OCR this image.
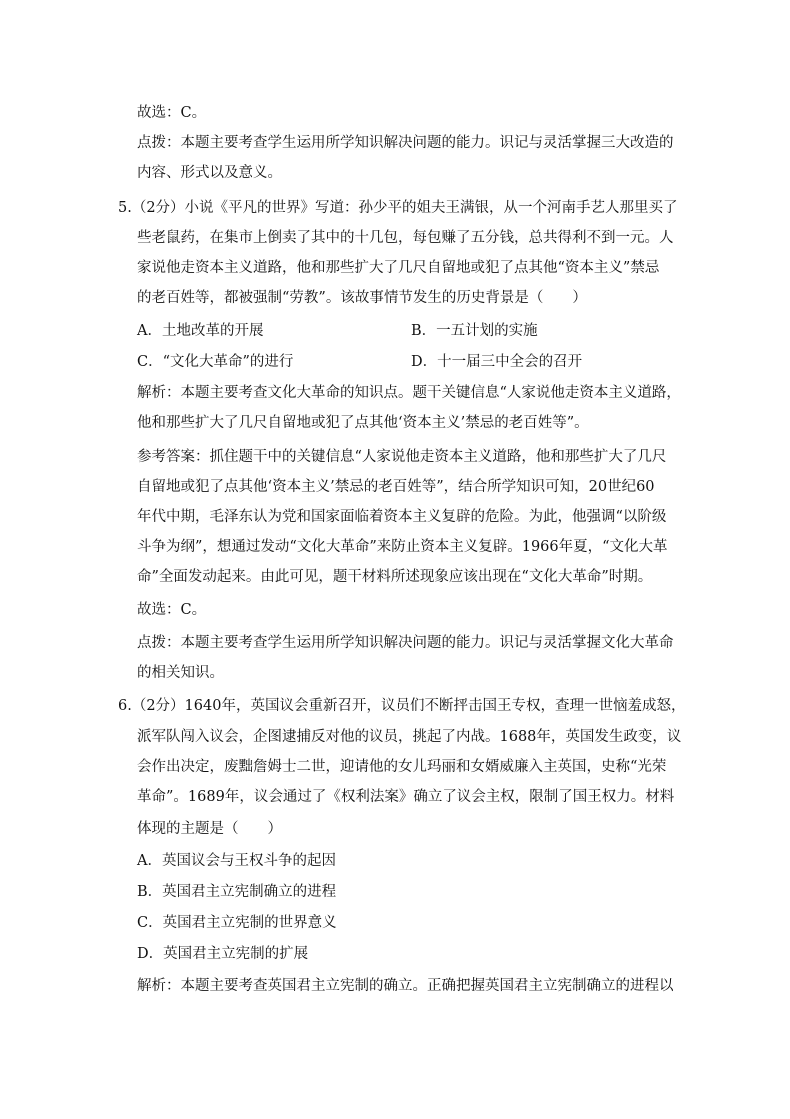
故选：C。
点拨：本题主要考查学生运用所学知识解决问题的能力。识记与灵活掌握三大改造的
内容、形式以及意义。
5.（2分）小说《平凡的世界》写道：孙少平的姐夫王满银，从一个河南手艺人那里买了
些老鼠药，在集市上倒卖了其中的十几包，每包赚了五分钱，总共得利不到一元。人
家说他走资本主义道路，他和那些扩大了几尺自留地或犯了点其他“资本主义”禁忌
的老百姓等，都被强制“劳教”。该故事情节发生的历史背景是（　　）
A．土地改革的开展	B．一五计划的实施
C．“文化大革命”的进行	D．十一届三中全会的召开
解析：本题主要考查文化大革命的知识点。题干关键信息“人家说他走资本主义道路，
他和那些扩大了几尺自留地或犯了点其他‘资本主义’禁忌的老百姓等”。
参考答案：抓住题干中的关键信息“人家说他走资本主义道路，他和那些扩大了几尺
自留地或犯了点其他‘资本主义’禁忌的老百姓等”，结合所学知识可知，20世纪60
年代中期，毛泽东认为党和国家面临着资本主义复辟的危险。为此，他强调“以阶级
斗争为纲”，想通过发动“文化大革命”来防止资本主义复辟。1966年夏，“文化大革
命”全面发动起来。由此可见，题干材料所述现象应该出现在“文化大革命”时期。
故选：C。
点拨：本题主要考查学生运用所学知识解决问题的能力。识记与灵活掌握文化大革命
的相关知识。
6.（2分）1640年，英国议会重新召开，议员们不断抨击国王专权，查理一世恼羞成怒，
派军队闯入议会，企图逮捕反对他的议员，挑起了内战。1688年，英国发生政变，议
会作出决定，废黜詹姆士二世，迎请他的女儿玛丽和女婿威廉入主英国，史称“光荣
革命”。1689年，议会通过了《权利法案》确立了议会主权，限制了国王权力。材料
体现的主题是（　　）
A．英国议会与王权斗争的起因
B．英国君主立宪制确立的进程
C．英国君主立宪制的世界意义
D．英国君主立宪制的扩展
解析：本题主要考查英国君主立宪制的确立。正确把握英国君主立宪制确立的进程以
